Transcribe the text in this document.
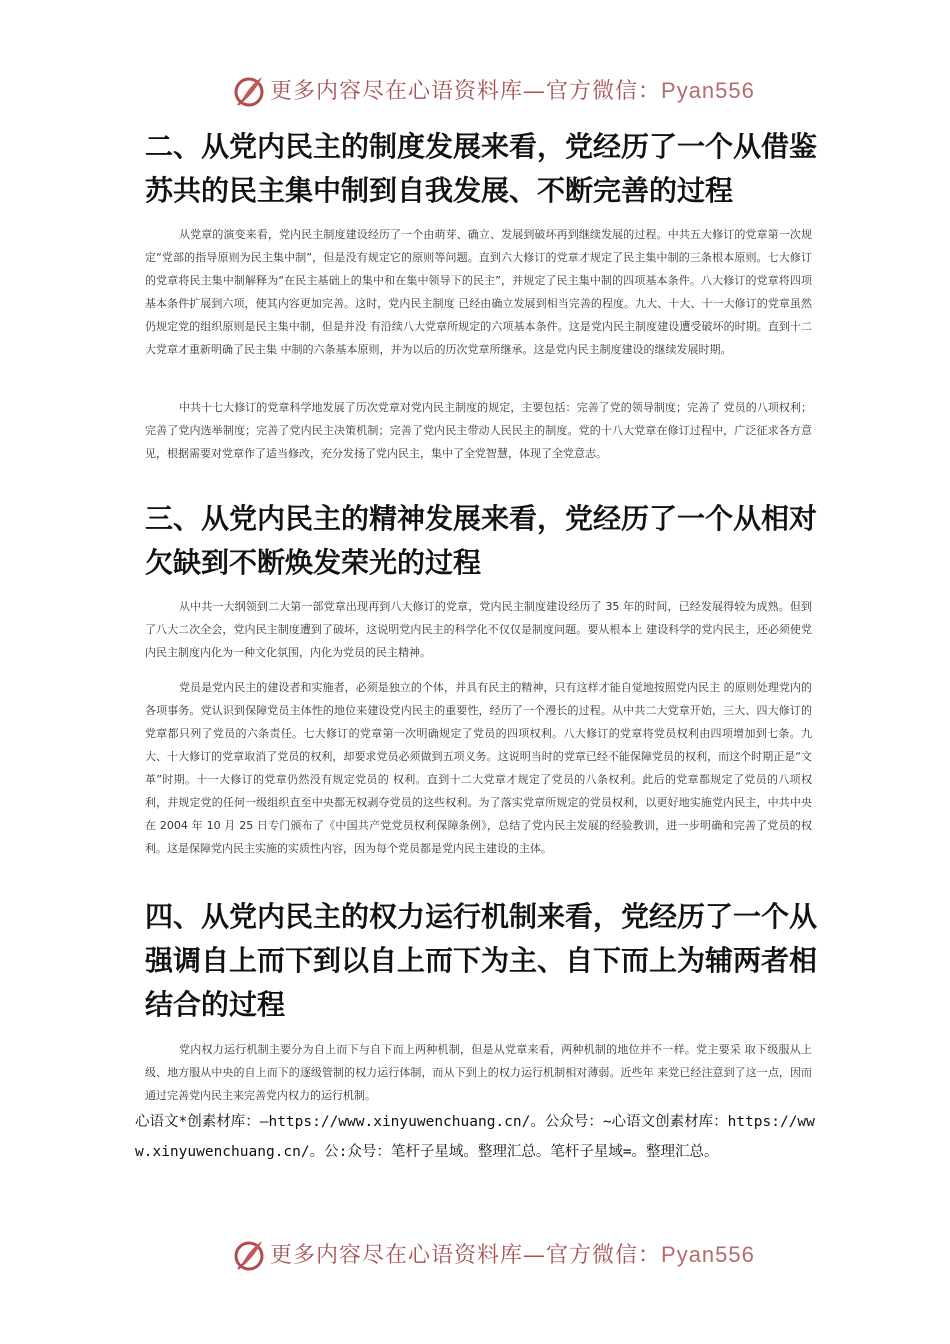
更多内容尽在心语资料库—官方微信：Pyan556
二、从党内民主的制度发展来看，党经历了一个从借鉴苏共的民主集中制到自我发展、不断完善的过程

从党章的演变来看，党内民主制度建设经历了一个由萌芽、确立、发展到破坏再到继续发展的过程。中共五大修订的党章第一次规定“党部的指导原则为民主集中制”，但是没有规定它的原则等问题。直到六大修订的党章才规定了民主集中制的三条根本原则。七大修订的党章将民主集中制解释为“在民主基础上的集中和在集中领导下的民主”，并规定了民主集中制的四项基本条件。八大修订的党章将四项基本条件扩展到六项，使其内容更加完善。这时，党内民主制度 已经由确立发展到相当完善的程度。九大、十大、十一大修订的党章虽然仍规定党的组织原则是民主集中制，但是并没 有沿续八大党章所规定的六项基本条件。这是党内民主制度建设遭受破坏的时期。直到十二大党章才重新明确了民主集 中制的六条基本原则，并为以后的历次党章所继承。这是党内民主制度建设的继续发展时期。

中共十七大修订的党章科学地发展了历次党章对党内民主制度的规定，主要包括：完善了党的领导制度；完善了 党员的八项权利；完善了党内选举制度；完善了党内民主决策机制；完善了党内民主带动人民民主的制度。党的十八大党章在修订过程中，广泛征求各方意见，根据需要对党章作了适当修改，充分发扬了党内民主，集中了全党智慧，体现了全党意志。

三、从党内民主的精神发展来看，党经历了一个从相对欠缺到不断焕发荣光的过程

从中共一大纲领到二大第一部党章出现再到八大修订的党章，党内民主制度建设经历了 35 年的时间，已经发展得较为成熟。但到了八大二次全会，党内民主制度遭到了破坏，这说明党内民主的科学化不仅仅是制度问题。要从根本上 建设科学的党内民主，还必须使党内民主制度内化为一种文化氛围，内化为党员的民主精神。

党员是党内民主的建设者和实施者，必须是独立的个体，并具有民主的精神，只有这样才能自觉地按照党内民主 的原则处理党内的各项事务。党认识到保障党员主体性的地位来建设党内民主的重要性，经历了一个漫长的过程。从中共二大党章开始，三大、四大修订的党章都只列了党员的六条责任。七大修订的党章第一次明确规定了党员的四项权利。八大修订的党章将党员权利由四项增加到七条。九大、十大修订的党章取消了党员的权利，却要求党员必须做到五项义务。这说明当时的党章已经不能保障党员的权利，而这个时期正是“文革”时期。十一大修订的党章仍然没有规定党员的 权利。直到十二大党章才规定了党员的八条权利。此后的党章都规定了党员的八项权利，并规定党的任何一级组织直至中央都无权剥夺党员的这些权利。为了落实党章所规定的党员权利，以更好地实施党内民主，中共中央在 2004 年 10 月 25 日专门颁布了《中国共产党党员权利保障条例》，总结了党内民主发展的经验教训，进一步明确和完善了党员的权利。这是保障党内民主实施的实质性内容，因为每个党员都是党内民主建设的主体。

四、从党内民主的权力运行机制来看，党经历了一个从强调自上而下到以自上而下为主、自下而上为辅两者相结合的过程

党内权力运行机制主要分为自上而下与自下而上两种机制，但是从党章来看，两种机制的地位并不一样。党主要采 取下级服从上级、地方服从中央的自上而下的逐级管制的权力运行体制，而从下到上的权力运行机制相对薄弱。近些年 来党已经注意到了这一点，因而通过完善党内民主来完善党内权力的运行机制。

心语文*创素材库：—https://www.xinyuwenchuang.cn/。公众号：~心语文创素材库：https://www.xinyuwenchuang.cn/。公:众号：笔杆子星域。整理汇总。笔杆子星域=。整理汇总。

更多内容尽在心语资料库—官方微信：Pyan556
